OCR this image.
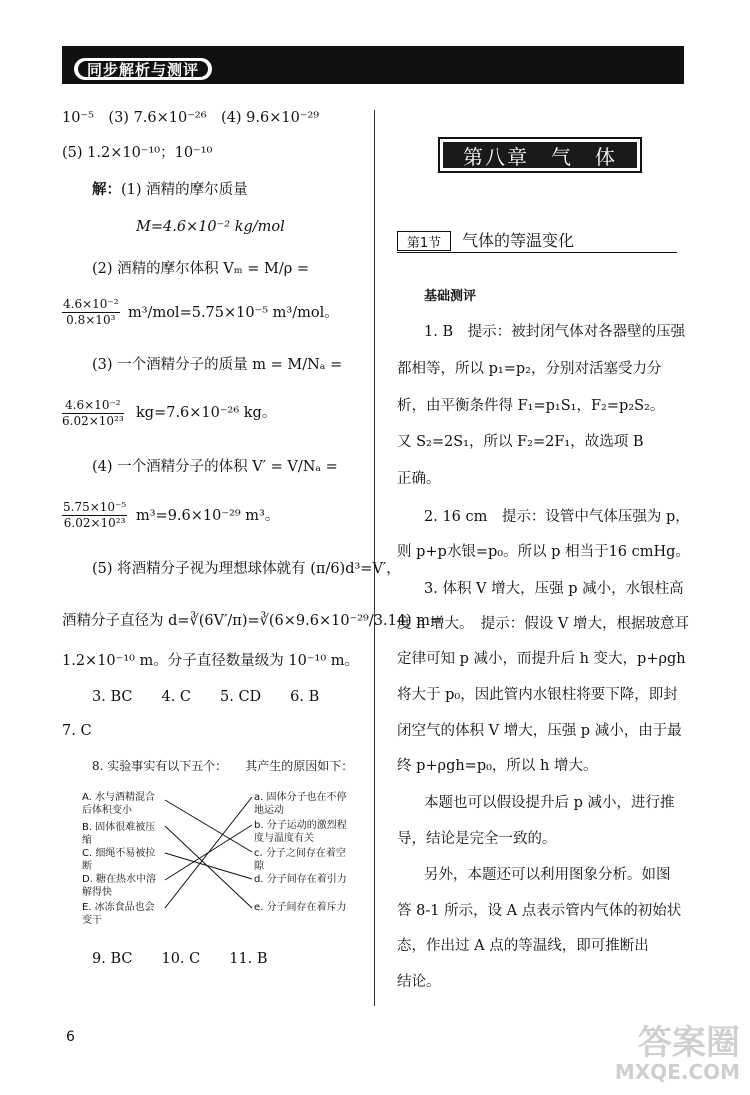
同步解析与测评
10⁻⁵　(3) 7.6×10⁻²⁶　(4) 9.6×10⁻²⁹
(5) 1.2×10⁻¹⁰；10⁻¹⁰
解：(1) 酒精的摩尔质量
M=4.6×10⁻² kg/mol
(2) 酒精的摩尔体积 Vₘ = M/ρ =
$\frac{\text{4.6×10⁻²}}{\text{0.8×10³}} m^3/mol=5.75\times 10^{-5}$ m³/mol。
(3) 一个酒精分子的质量 m = M/Nₐ =
$\frac{\text{4.6×10⁻²}}{\text{6.02×10²³}} kg=7.6\times 10^{-26}$ kg。
(4) 一个酒精分子的体积 V′ = V/Nₐ =
$\frac{\text{5.75×10⁻⁵}}{\text{6.02×10²³}} m^3=9.6\times 10^{-29}$ m³。
(5) 将酒精分子视为理想球体就有 (π/6)d³=V′，
酒精分子直径为 d=∛(6V′/π)=∛(6×9.6×10⁻²⁹/3.14) m=
1.2×10⁻¹⁰ m。分子直径数量级为 10⁻¹⁰ m。
3. BC　　4. C　　5. CD　　6. B
7. C
8. 实验事实有以下五个：　　其产生的原因如下：
A. 水与酒精混合后体积变小
B. 固体很难被压缩
C. 细绳不易被拉断
D. 糖在热水中溶解得快
E. 冰冻食品也会变干
a. 固体分子也在不停地运动
b. 分子运动的激烈程度与温度有关
c. 分子之间存在着空隙
d. 分子间存在着引力
e. 分子间存在着斥力
9. BC　　10. C　　11. B
第八章　气　体
第1节	气体的等温变化
基础测评
1. B　提示：被封闭气体对各器壁的压强
都相等，所以 p₁=p₂，分别对活塞受力分
析，由平衡条件得 F₁=p₁S₁，F₂=p₂S₂。
又 S₂=2S₁，所以 F₂=2F₁，故选项 B
正确。
2. 16 cm　提示：设管中气体压强为 p，
则 p+p水银=p₀。所以 p 相当于16 cmHg。
3. 体积 V 增大，压强 p 减小，水银柱高
度 h 增大。　提示：假设 V 增大，根据玻意耳
定律可知 p 减小，而提升后 h 变大，p+ρgh
将大于 p₀，因此管内水银柱将要下降，即封
闭空气的体积 V 增大，压强 p 减小，由于最
终 p+ρgh=p₀，所以 h 增大。
本题也可以假设提升后 p 减小，进行推
导，结论是完全一致的。
另外，本题还可以利用图象分析。如图
答 8-1 所示，设 A 点表示管内气体的初始状
态，作出过 A 点的等温线，即可推断出
结论。
6	答案圈
MXQE.COM
